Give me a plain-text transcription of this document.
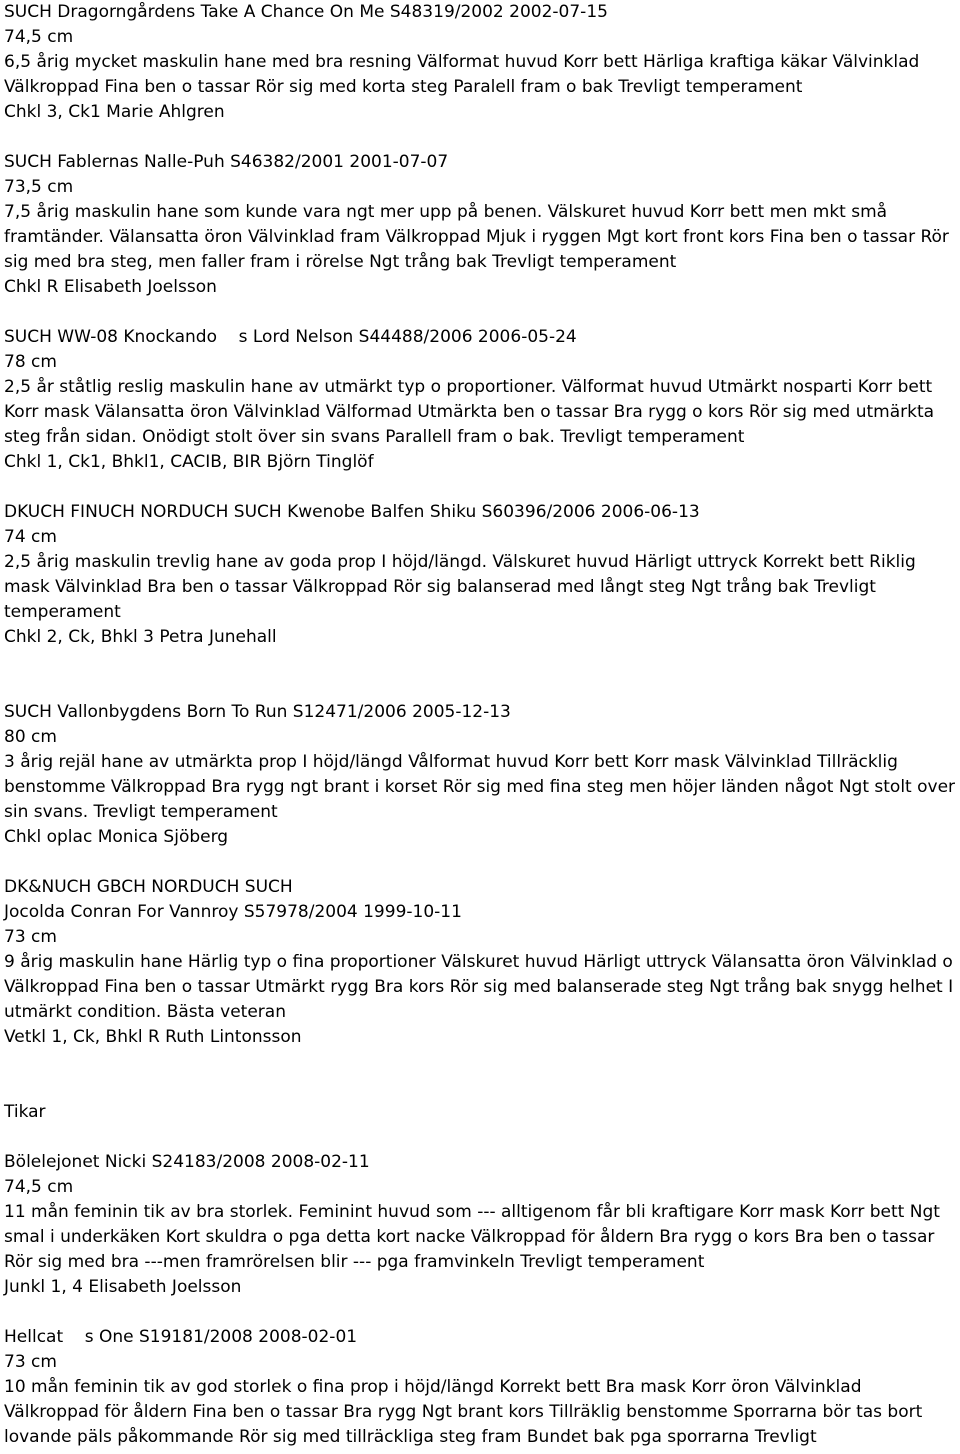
SUCH Dragorngårdens Take A Chance On Me S48319/2002 2002-07-15
74,5 cm
6,5 årig mycket maskulin hane med bra resning Välformat huvud Korr bett Härliga kraftiga käkar Välvinklad Välkroppad Fina ben o tassar Rör sig med korta steg Paralell fram o bak Trevligt temperament
Chkl 3, Ck1 Marie Ahlgren
SUCH Fablernas Nalle-Puh S46382/2001 2001-07-07
73,5 cm
7,5 årig maskulin hane som kunde vara ngt mer upp på benen. Välskuret huvud Korr bett men mkt små framtänder. Välansatta öron Välvinklad fram Välkroppad Mjuk i ryggen Mgt kort front kors Fina ben o tassar Rör sig med bra steg, men faller fram i rörelse Ngt trång bak Trevligt temperament
Chkl R Elisabeth Joelsson
SUCH WW-08 Knockando    s Lord Nelson S44488/2006 2006-05-24
78 cm
2,5 år ståtlig reslig maskulin hane av utmärkt typ o proportioner. Välformat huvud Utmärkt nosparti Korr bett Korr mask Välansatta öron Välvinklad Välformad Utmärkta ben o tassar Bra rygg o kors Rör sig med utmärkta steg från sidan. Onödigt stolt över sin svans Parallell fram o bak. Trevligt temperament
Chkl 1, Ck1, Bhkl1, CACIB, BIR Björn Tinglöf
DKUCH FINUCH NORDUCH SUCH Kwenobe Balfen Shiku S60396/2006 2006-06-13
74 cm
2,5 årig maskulin trevlig hane av goda prop I höjd/längd. Välskuret huvud Härligt uttryck Korrekt bett Riklig mask Välvinklad Bra ben o tassar Välkroppad Rör sig balanserad med långt steg Ngt trång bak Trevligt temperament
Chkl 2, Ck, Bhkl 3 Petra Junehall
SUCH Vallonbygdens Born To Run S12471/2006 2005-12-13
80 cm
3 årig rejäl hane av utmärkta prop I höjd/längd Vålformat huvud Korr bett Korr mask Välvinklad Tillräcklig benstomme Välkroppad Bra rygg ngt brant i korset Rör sig med fina steg men höjer länden något Ngt stolt over sin svans. Trevligt temperament
Chkl oplac Monica Sjöberg
DK&NUCH GBCH NORDUCH SUCH
Jocolda Conran For Vannroy S57978/2004 1999-10-11
73 cm
9 årig maskulin hane Härlig typ o fina proportioner Välskuret huvud Härligt uttryck Välansatta öron Välvinklad o Välkroppad Fina ben o tassar Utmärkt rygg Bra kors Rör sig med balanserade steg Ngt trång bak snygg helhet I utmärkt condition. Bästa veteran
Vetkl 1, Ck, Bhkl R Ruth Lintonsson
Tikar
Bölelejonet Nicki S24183/2008 2008-02-11
74,5 cm
11 mån feminin tik av bra storlek. Feminint huvud som --- alltigenom får bli kraftigare Korr mask Korr bett Ngt smal i underkäken Kort skuldra o pga detta kort nacke Välkroppad för åldern Bra rygg o kors Bra ben o tassar Rör sig med bra ---men framrörelsen blir --- pga framvinkeln Trevligt temperament
Junkl 1, 4 Elisabeth Joelsson
Hellcat    s One S19181/2008 2008-02-01
73 cm
10 mån feminin tik av god storlek o fina prop i höjd/längd Korrekt bett Bra mask Korr öron Välvinklad Välkroppad för åldern Fina ben o tassar Bra rygg Ngt brant kors Tillräklig benstomme Sporrarna bör tas bort lovande päls påkommande Rör sig med tillräckliga steg fram Bundet bak pga sporrarna Trevligt
